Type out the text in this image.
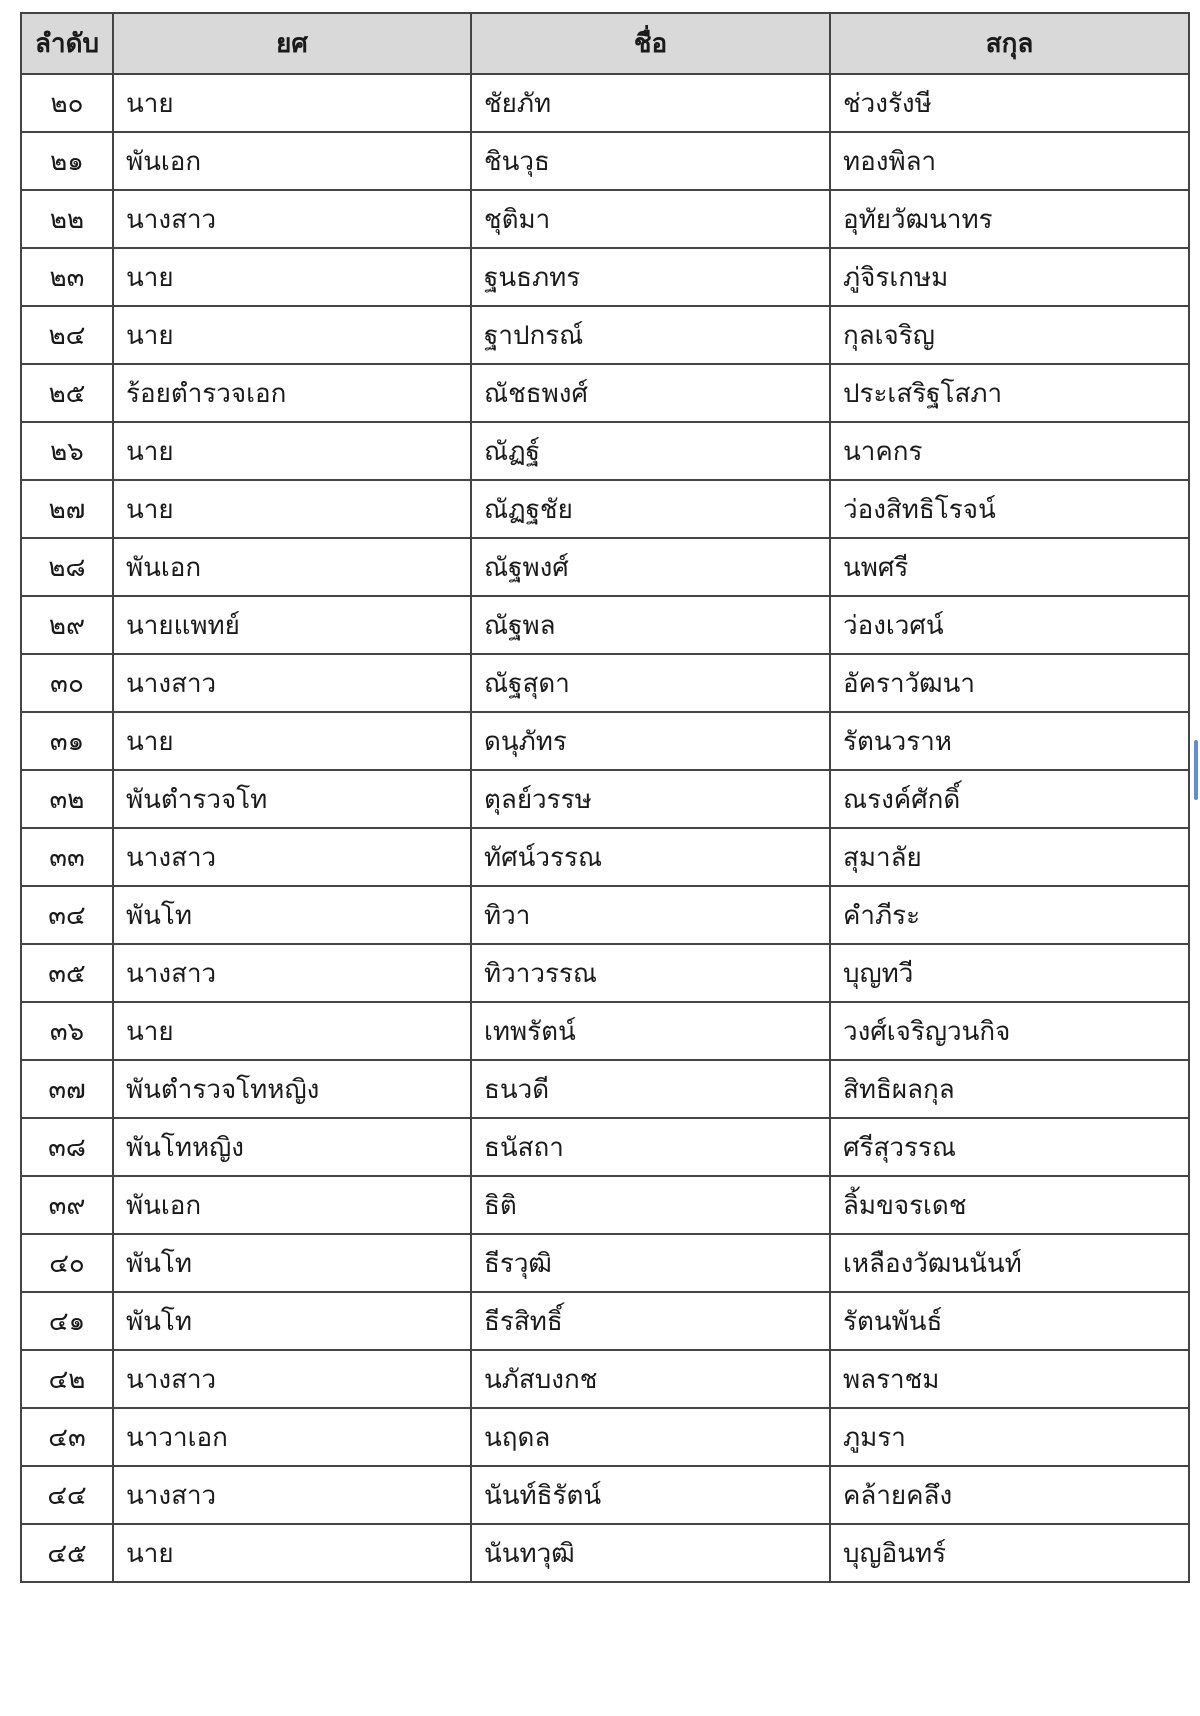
ลำดับ	ยศ	ชื่อ	สกุล
๒๐	นาย	ชัยภัท	ช่วงรังษี
๒๑	พันเอก	ชินวุธ	ทองพิลา
๒๒	นางสาว	ชุติมา	อุทัยวัฒนาทร
๒๓	นาย	ฐนธภทร	ภู่จิรเกษม
๒๔	นาย	ฐาปกรณ์	กุลเจริญ
๒๕	ร้อยตำรวจเอก	ณัชธพงศ์	ประเสริฐโสภา
๒๖	นาย	ณัฏฐ์	นาคกร
๒๗	นาย	ณัฏฐชัย	ว่องสิทธิโรจน์
๒๘	พันเอก	ณัฐพงศ์	นพศรี
๒๙	นายแพทย์	ณัฐพล	ว่องเวศน์
๓๐	นางสาว	ณัฐสุดา	อัคราวัฒนา
๓๑	นาย	ดนุภัทร	รัตนวราห
๓๒	พันตำรวจโท	ตุลย์วรรษ	ณรงค์ศักดิ์
๓๓	นางสาว	ทัศน์วรรณ	สุมาลัย
๓๔	พันโท	ทิวา	คำภีระ
๓๕	นางสาว	ทิวาวรรณ	บุญทวี
๓๖	นาย	เทพรัตน์	วงศ์เจริญวนกิจ
๓๗	พันตำรวจโทหญิง	ธนวดี	สิทธิผลกุล
๓๘	พันโทหญิง	ธนัสถา	ศรีสุวรรณ
๓๙	พันเอก	ธิติ	ลิ้มขจรเดช
๔๐	พันโท	ธีรวุฒิ	เหลืองวัฒนนันท์
๔๑	พันโท	ธีรสิทธิ์	รัตนพันธ์
๔๒	นางสาว	นภัสบงกช	พลราชม
๔๓	นาวาเอก	นฤดล	ภูมรา
๔๔	นางสาว	นันท์ธิรัตน์	คล้ายคลึง
๔๕	นาย	นันทวุฒิ	บุญอินทร์
